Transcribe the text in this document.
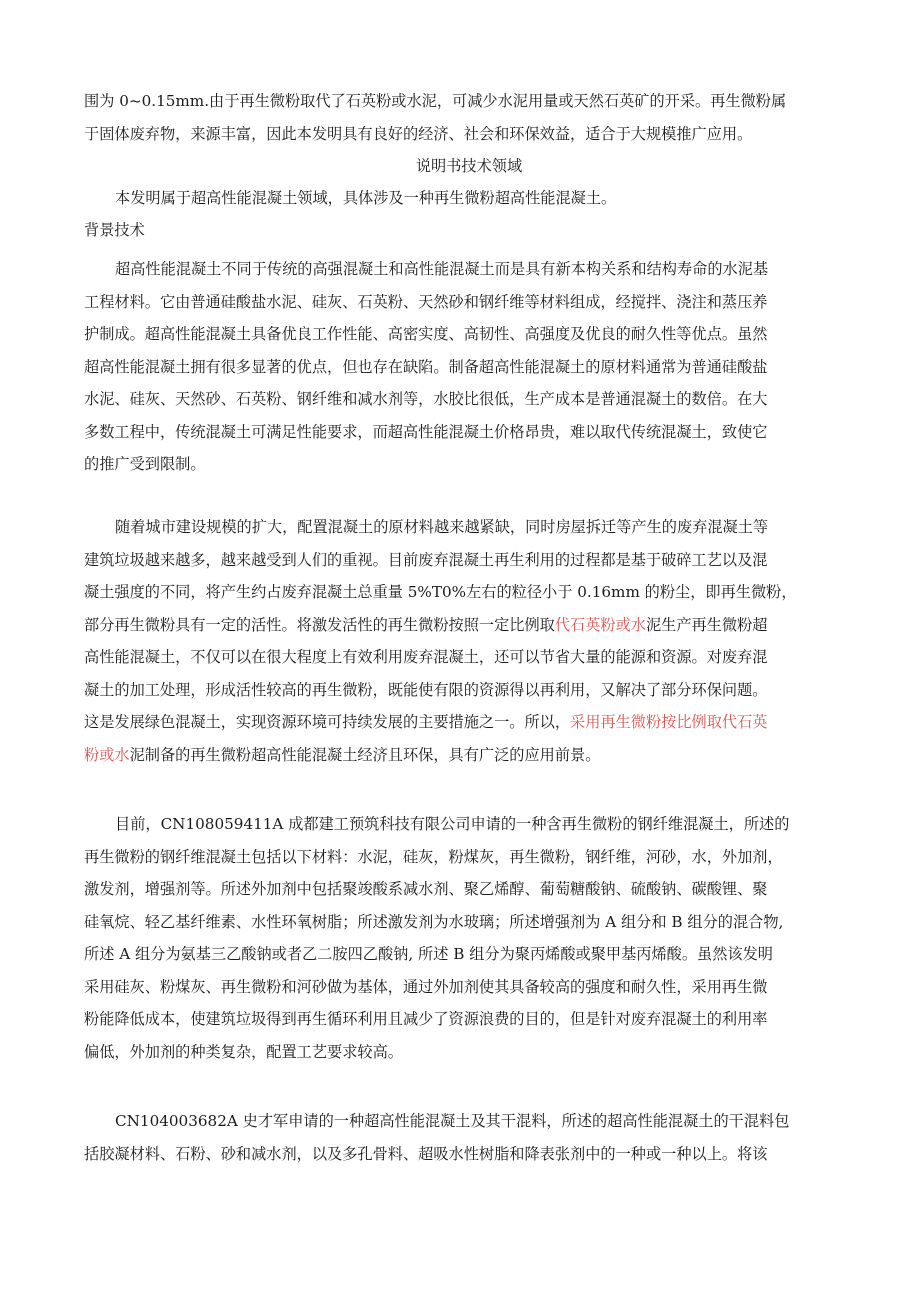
围为 0~0.15mm.由于再生微粉取代了石英粉或水泥，可减少水泥用量或天然石英矿的开采。再生微粉属
于固体废弃物，来源丰富，因此本发明具有良好的经济、社会和环保效益，适合于大规模推广应用。
说明书技术领域
本发明属于超高性能混凝土领域，具体涉及一种再生微粉超高性能混凝土。
背景技术
超高性能混凝土不同于传统的高强混凝土和高性能混凝土而是具有新本构关系和结构寿命的水泥基
工程材料。它由普通硅酸盐水泥、硅灰、石英粉、天然砂和钢纤维等材料组成，经搅拌、浇注和蒸压养
护制成。超高性能混凝土具备优良工作性能、高密实度、高韧性、高强度及优良的耐久性等优点。虽然
超高性能混凝土拥有很多显著的优点，但也存在缺陷。制备超高性能混凝土的原材料通常为普通硅酸盐
水泥、硅灰、天然砂、石英粉、钢纤维和减水剂等，水胶比很低，生产成本是普通混凝土的数倍。在大
多数工程中，传统混凝土可满足性能要求，而超高性能混凝土价格昂贵，难以取代传统混凝土，致使它
的推广受到限制。
随着城市建设规模的扩大，配置混凝土的原材料越来越紧缺，同时房屋拆迁等产生的废弃混凝土等
建筑垃圾越来越多，越来越受到人们的重视。目前废弃混凝土再生利用的过程都是基于破碎工艺以及混
凝土强度的不同，将产生约占废弃混凝土总重量 5%T0%左右的粒径小于 0.16mm 的粉尘，即再生微粉，
部分再生微粉具有一定的活性。将激发活性的再生微粉按照一定比例取代石英粉或水泥生产再生微粉超
高性能混凝土，不仅可以在很大程度上有效利用废弃混凝土，还可以节省大量的能源和资源。对废弃混
凝土的加工处理，形成活性较高的再生微粉，既能使有限的资源得以再利用，又解决了部分环保问题。
这是发展绿色混凝土，实现资源环境可持续发展的主要措施之一。所以，采用再生微粉按比例取代石英
粉或水泥制备的再生微粉超高性能混凝土经济且环保，具有广泛的应用前景。
目前，CN108059411A 成都建工预筑科技有限公司申请的一种含再生微粉的钢纤维混凝土，所述的
再生微粉的钢纤维混凝土包括以下材料：水泥，硅灰，粉煤灰，再生微粉，钢纤维，河砂，水，外加剂，
激发剂，增强剂等。所述外加剂中包括聚竣酸系减水剂、聚乙烯醇、葡萄糖酸钠、硫酸钠、碳酸锂、聚
硅氧烷、轻乙基纤维素、水性环氧树脂；所述激发剂为水玻璃；所述增强剂为 A 组分和 B 组分的混合物,
所述 A 组分为氨基三乙酸钠或者乙二胺四乙酸钠, 所述 B 组分为聚丙烯酸或聚甲基丙烯酸。虽然该发明
采用硅灰、粉煤灰、再生微粉和河砂做为基体，通过外加剂使其具备较高的强度和耐久性，采用再生微
粉能降低成本，使建筑垃圾得到再生循环利用且减少了资源浪费的目的，但是针对废弃混凝土的利用率
偏低，外加剂的种类复杂，配置工艺要求较高。
CN104003682A 史才军申请的一种超高性能混凝土及其干混料，所述的超高性能混凝土的干混料包
括胶凝材料、石粉、砂和减水剂，以及多孔骨料、超吸水性树脂和降表张剂中的一种或一种以上。将该
